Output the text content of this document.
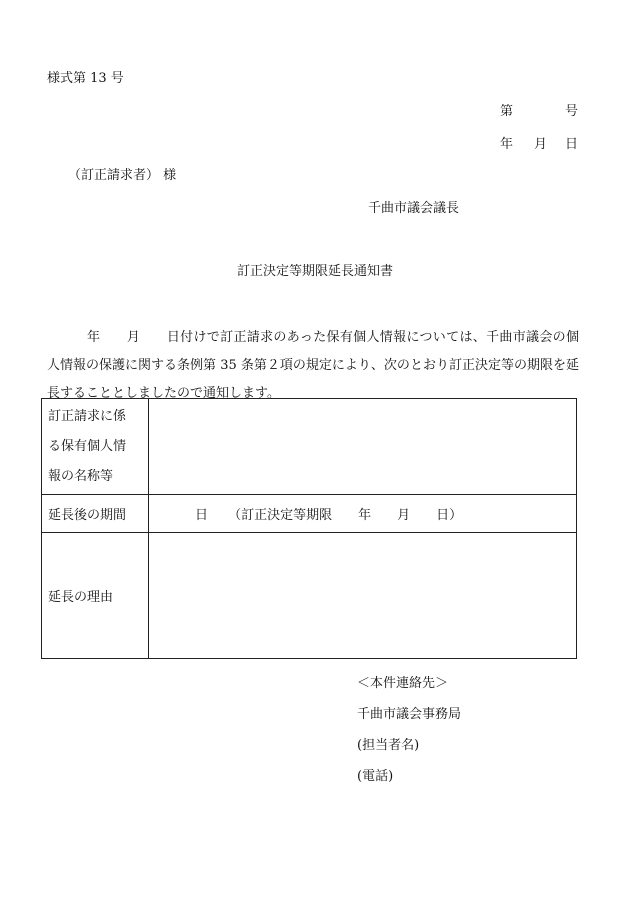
様式第 13 号
第	号
年 月 日
（訂正請求者） 様
千曲市議会議長
訂正決定等期限延長通知書
　　　年　　月　　日付けで訂正請求のあった保有個人情報については、千曲市議会の個人情報の保護に関する条例第 35 条第２項の規定により、次のとおり訂正決定等の期限を延長することとしましたので通知します。
訂正請求に係
る保有個人情
報の名称等	

延長後の期間	日 （訂正決定等期限　　年　　月　　日）
延長の理由	
＜本件連絡先＞
千曲市議会事務局
(担当者名)
(電話)
